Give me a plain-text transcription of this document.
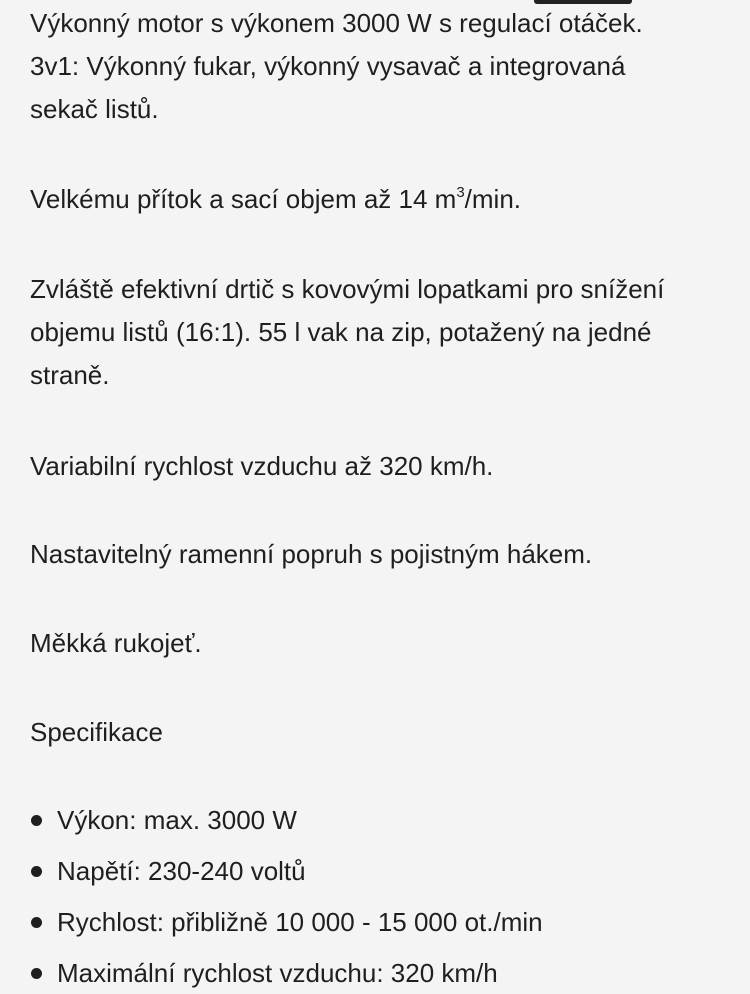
Výkonný motor s výkonem 3000 W s regulací otáček.
3v1: Výkonný fukar, výkonný vysavač a integrovaná
sekač listů.
Velkému přítok a sací objem až 14 $m^3/\min$.
Zvláště efektivní drtič s kovovými lopatkami pro snížení
objemu listů (16:1). 55 l vak na zip, potažený na jedné
straně.
Variabilní rychlost vzduchu až 320 km/h.
Nastavitelný ramenní popruh s pojistným hákem.
Měkká rukojeť.
Specifikace
Výkon: max. 3000 W
Napětí: 230-240 voltů
Rychlost: přibližně 10 000 - 15 000 ot./min
Maximální rychlost vzduchu: 320 km/h
